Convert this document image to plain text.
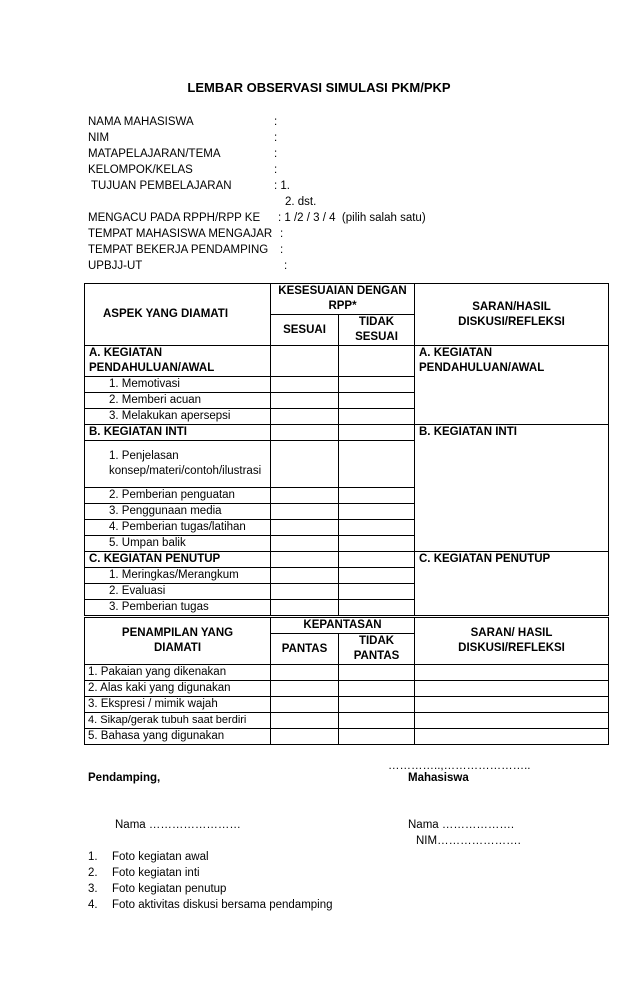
LEMBAR OBSERVASI SIMULASI PKM/PKP
NAMA MAHASISWA	:
NIM	:
MATAPELAJARAN/TEMA	:
KELOMPOK/KELAS	:
TUJUAN PEMBELAJARAN	: 1.
2. dst.
MENGACU PADA RPPH/RPP KE : 1 /2 / 3 / 4  (pilih salah satu)
TEMPAT MAHASISWA MENGAJAR :
TEMPAT BEKERJA PENDAMPING :
UPBJJ-UT	:
ASPEK YANG DIAMATI	KESESUAIAN DENGAN RPP*		SARAN/HASIL DISKUSI/REFLEKSI
	SESUAI	TIDAK SESUAI	
A. KEGIATAN PENDAHULUAN/AWAL			A. KEGIATAN PENDAHULUAN/AWAL
1. Memotivasi			
2. Memberi acuan			
3. Melakukan apersepsi			
B. KEGIATAN INTI			B. KEGIATAN INTI
1. Penjelasan konsep/materi/contoh/ilustrasi			
2. Pemberian penguatan			
3. Penggunaan media			
4. Pemberian tugas/latihan			
5. Umpan balik			
C. KEGIATAN PENUTUP			C. KEGIATAN PENUTUP
1. Meringkas/Merangkum			
2. Evaluasi			
3. Pemberian tugas			
PENAMPILAN YANG DIAMATI	KEPANTASAN		SARAN/ HASIL DISKUSI/REFLEKSI
	PANTAS	TIDAK PANTAS	
1. Pakaian yang dikenakan			
2. Alas kaki yang digunakan			
3. Ekspresi / mimik wajah			
4. Sikap/gerak tubuh saat berdiri			
5. Bahasa yang digunakan			
…………..,…………………..
Pendamping,	Mahasiswa
Nama ……………………	Nama ……………….
NIM………………….
1. Foto kegiatan awal
2. Foto kegiatan inti
3. Foto kegiatan penutup
4. Foto aktivitas diskusi bersama pendamping
